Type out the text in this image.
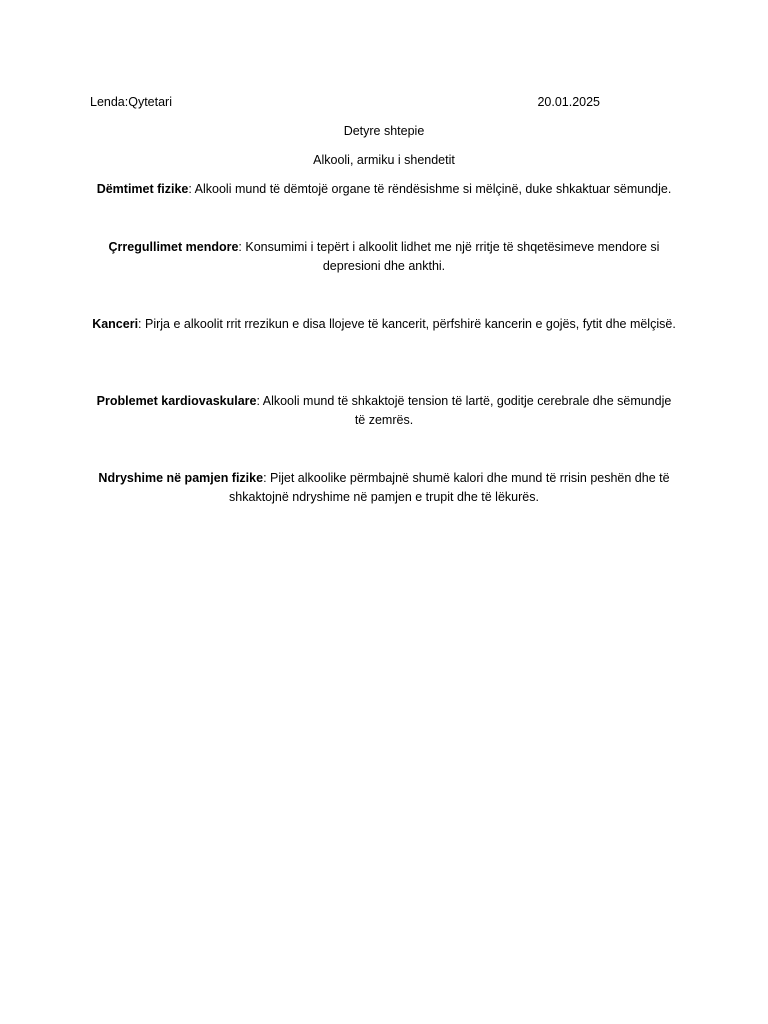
Lenda:Qytetari	20.01.2025
Detyre shtepie
Alkooli, armiku i shendetit

Dëmtimet fizike: Alkooli mund të dëmtojë organe të rëndësishme si mëlçinë, duke shkaktuar sëmundje.

Çrregullimet mendore: Konsumimi i tepërt i alkoolit lidhet me një rritje të shqetësimeve mendore si depresioni dhe ankthi.

Kanceri: Pirja e alkoolit rrit rrezikun e disa llojeve të kancerit, përfshirë kancerin e gojës, fytit dhe mëlçisë.

Problemet kardiovaskulare: Alkooli mund të shkaktojë tension të lartë, goditje cerebrale dhe sëmundje të zemrës.

Ndryshime në pamjen fizike: Pijet alkoolike përmbajnë shumë kalori dhe mund të rrisin peshën dhe të shkaktojnë ndryshime në pamjen e trupit dhe të lëkurës.
